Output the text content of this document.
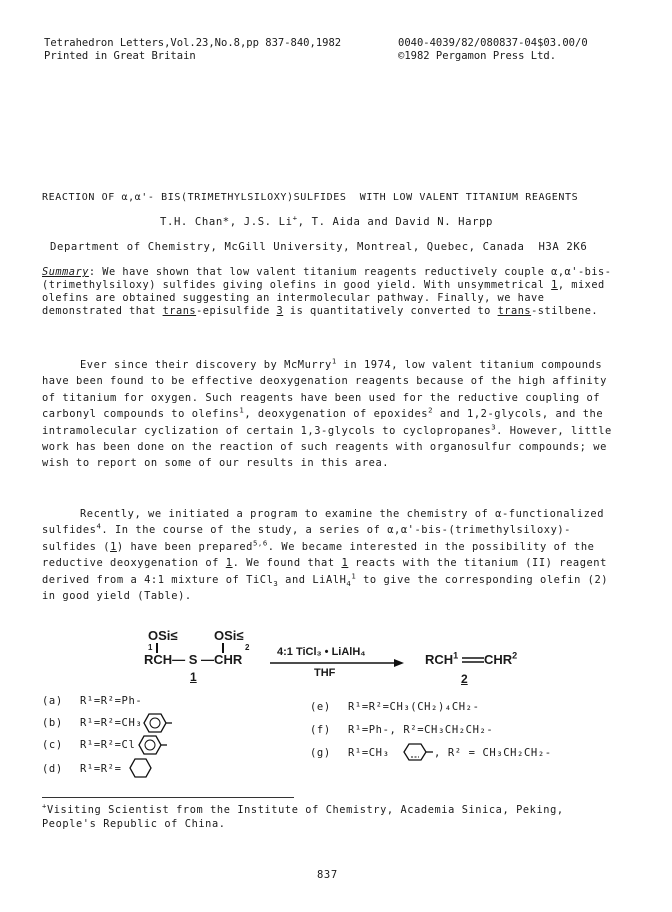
Tetrahedron Letters,Vol.23,No.8,pp 837-840,1982
Printed in Great Britain
0040-4039/82/080837-04$03.00/0
©1982 Pergamon Press Ltd.
REACTION OF α,α'- BIS(TRIMETHYLSILOXY)SULFIDES  WITH LOW VALENT TITANIUM REAGENTS
T.H. Chan*, J.S. Li+, T. Aida and David N. Harpp
Department of Chemistry, McGill University, Montreal, Quebec, Canada  H3A 2K6
Summary: We have shown that low valent titanium reagents reductively couple α,α'-bis-(trimethylsiloxy) sulfides giving olefins in good yield. With unsymmetrical 1, mixed olefins are obtained suggesting an intermolecular pathway. Finally, we have demonstrated that trans-episulfide 3 is quantitatively converted to trans-stilbene.
Ever since their discovery by McMurry$^1$ in 1974, low valent titanium compounds have been found to be effective deoxygenation reagents because of the high affinity of titanium for oxygen. Such reagents have been used for the reductive coupling of carbonyl compounds to olefins$^1$, deoxygenation of epoxides$^2$ and 1,2-glycols, and the intramolecular cyclization of certain 1,3-glycols to cyclopropanes$^3$. However, little work has been done on the reaction of such reagents with organosulfur compounds; we wish to report on some of our results in this area.
Recently, we initiated a program to examine the chemistry of α-functionalized sulfides$^4$. In the course of the study, a series of α,α'-bis-(trimethylsiloxy)-sulfides (1) have been prepared$^{5,6}$. We became interested in the possibility of the reductive deoxygenation of 1. We found that 1 reacts with the titanium (II) reagent derived from a 4:1 mixture of TiCl$_3$ and LiAlH$_4^1$ to give the corresponding olefin (2) in good yield (Table).
OSi≤	OSi≤
1	2
RCH— S —CHR	4:1 TiCl₃ • LiAlH₄
THF
RCH$^1$ CHR$^2$
1	2
(a) R¹=R²=Ph-
(b) R¹=R²=CH₃
(c) R¹=R²=Cl
(d) R¹=R²=
(e) R¹=R²=CH₃(CH₂)₄CH₂-
(f) R¹=Ph-, R²=CH₃CH₂CH₂-
(g) R¹=CH₃	, R² = CH₃CH₂CH₂-
+Visiting Scientist from the Institute of Chemistry, Academia Sinica, Peking,
People's Republic of China.
837
